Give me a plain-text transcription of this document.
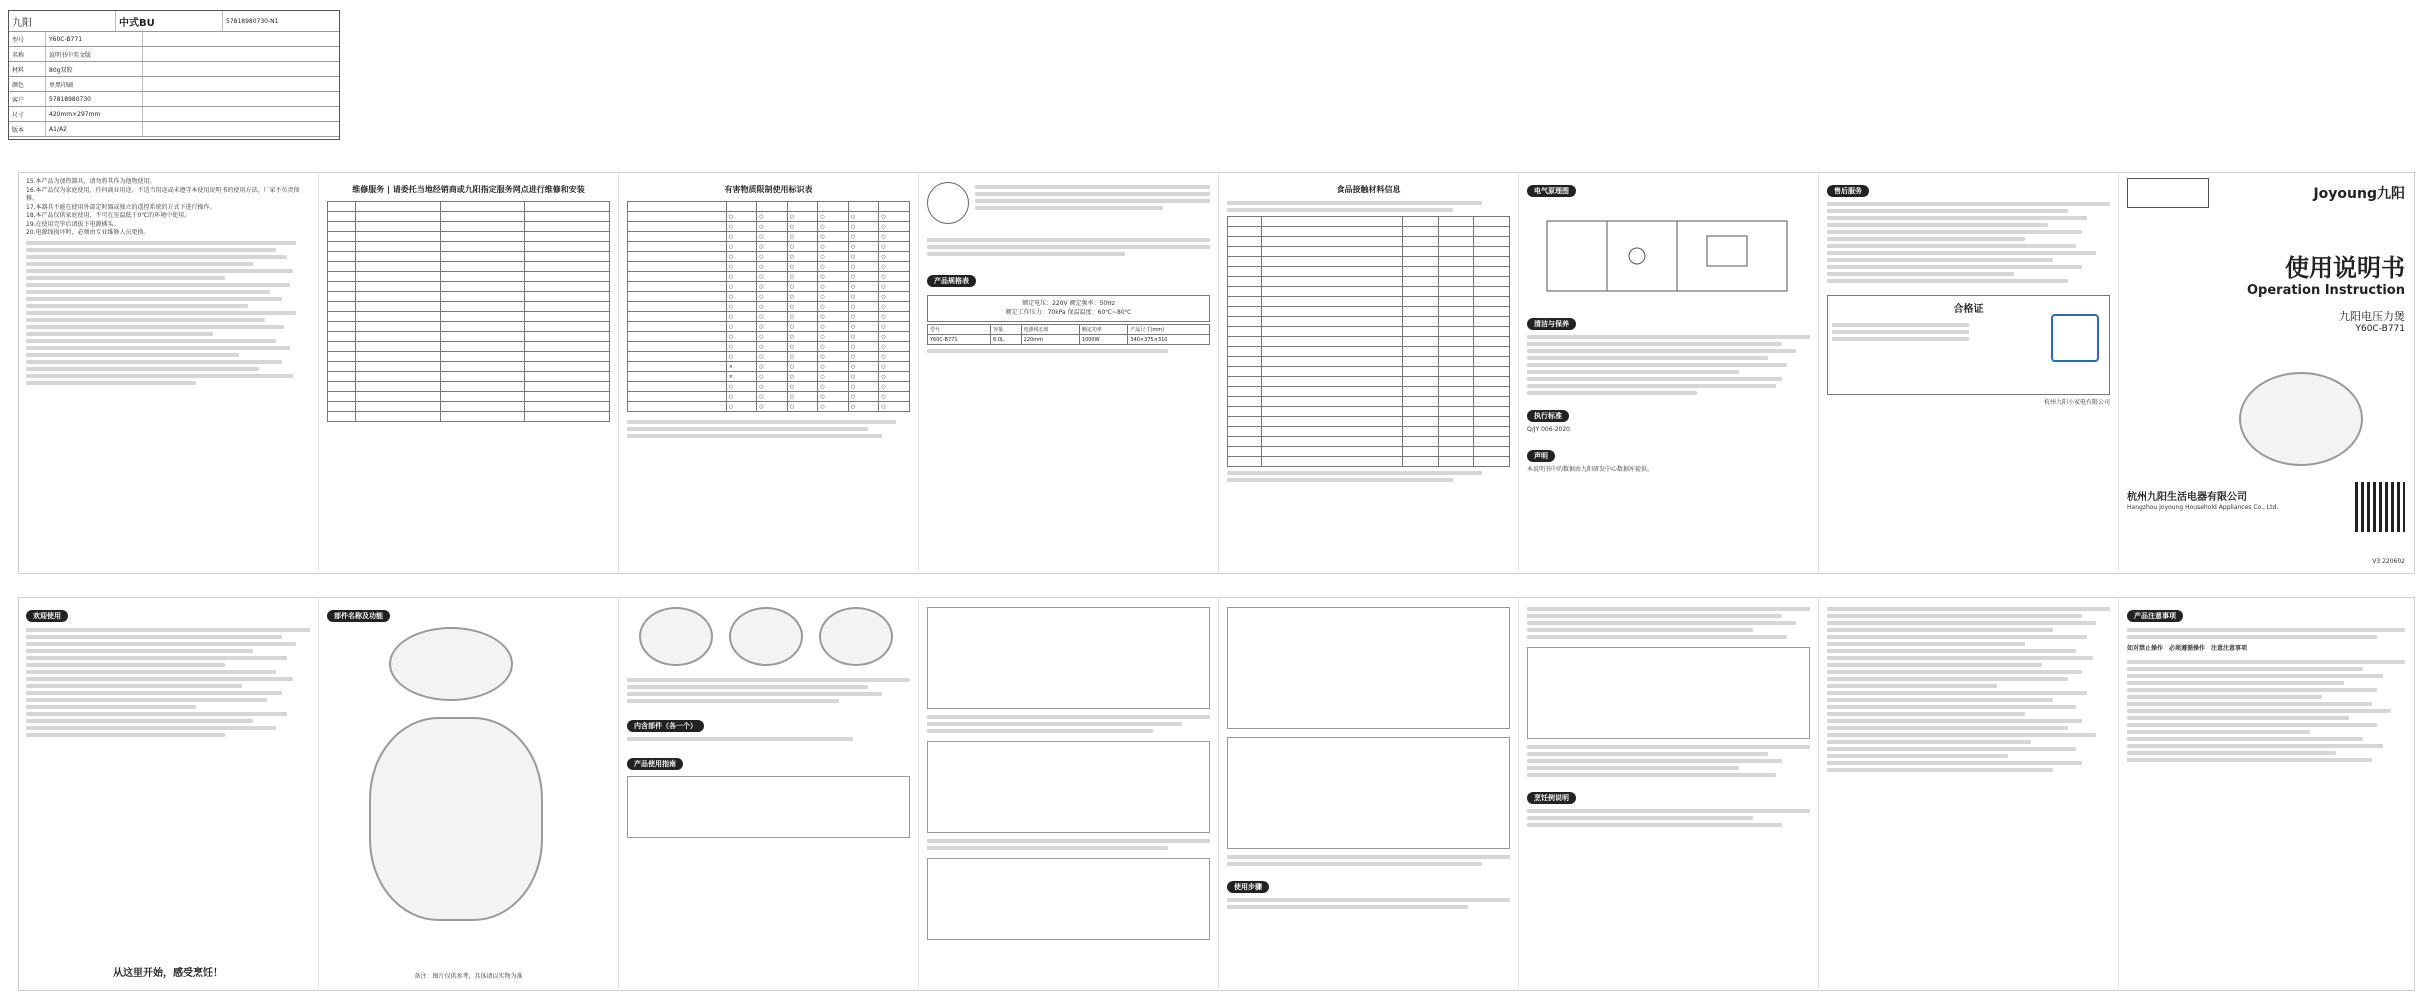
九阳	中式BU	57818980730-N1
型号	Y60C-B771
名称	说明书中英文版
材料	80g双胶
颜色	单黑印刷
客户	57818980730
尺寸	420mm×297mm
版本	A1/A2
15.本产品为加热器具，请勿将其作为他物使用。
16.本产品仅为家庭使用，任何商业用途、不适当用途或未遵守本使用说明书的使用方法，厂家不负责保修。
17.本器具不能在使用外部定时器或独立的遥控系统的方式下进行操作。
18.本产品仅供家庭使用，不可在室温低于0℃的环境中使用。
19.在使用完毕后请拔下电源插头。
20.电源线损坏时，必须由专业维修人员更换。
维修服务 | 请委托当地经销商或九阳指定服务网点进行维修和安装

				有害物质限制使用标识表

	○	○	○	○	○	○
	○	○	○	○	○	○
	○	○	○	○	○	○
	○	○	○	○	○	○
	○	○	○	○	○	○
	○	○	○	○	○	○
	○	○	○	○	○	○
	○	○	○	○	○	○
	○	○	○	○	○	○
	○	○	○	○	○	○
	○	○	○	○	○	○
	○	○	○	○	○	○
	○	○	○	○	○	○
	○	○	○	○	○	○
	○	○	○	○	○	○
	×	○	○	○	○	○
	×	○	○	○	○	○
	○	○	○	○	○	○
	○	○	○	○	○	○
	○	○	○	○	○	○
产品规格表
额定电压：220V 额定频率：50Hz
额定工作压力：70kPa 保温温度：60℃~80℃
型号	容量	电源线长度	额定功率	产品尺寸(mm)
Y60C-B771	6.0L	220mm	1000W	340×375×310
食品接触材料信息

					电气原理图
清洁与保养
执行标准
Q/JY 006-2020
声明
本说明书中的数据由九阳研发中心数据库提供。
售后服务
合格证
杭州九阳小家电有限公司
Joyoung九阳
使用说明书
Operation Instruction
九阳电压力煲
Y60C-B771
杭州九阳生活电器有限公司
Hangzhou Joyoung Household Appliances Co., Ltd.
V3.220602
欢迎使用
从这里开始，感受烹饪！
部件名称及功能
备注：图片仅供参考，具体请以实物为准
内含部件（各一个）
产品使用指南
使用步骤
烹饪例说明
产品注意事项
如对禁止操作 必须遵循操作 注意注意事项
